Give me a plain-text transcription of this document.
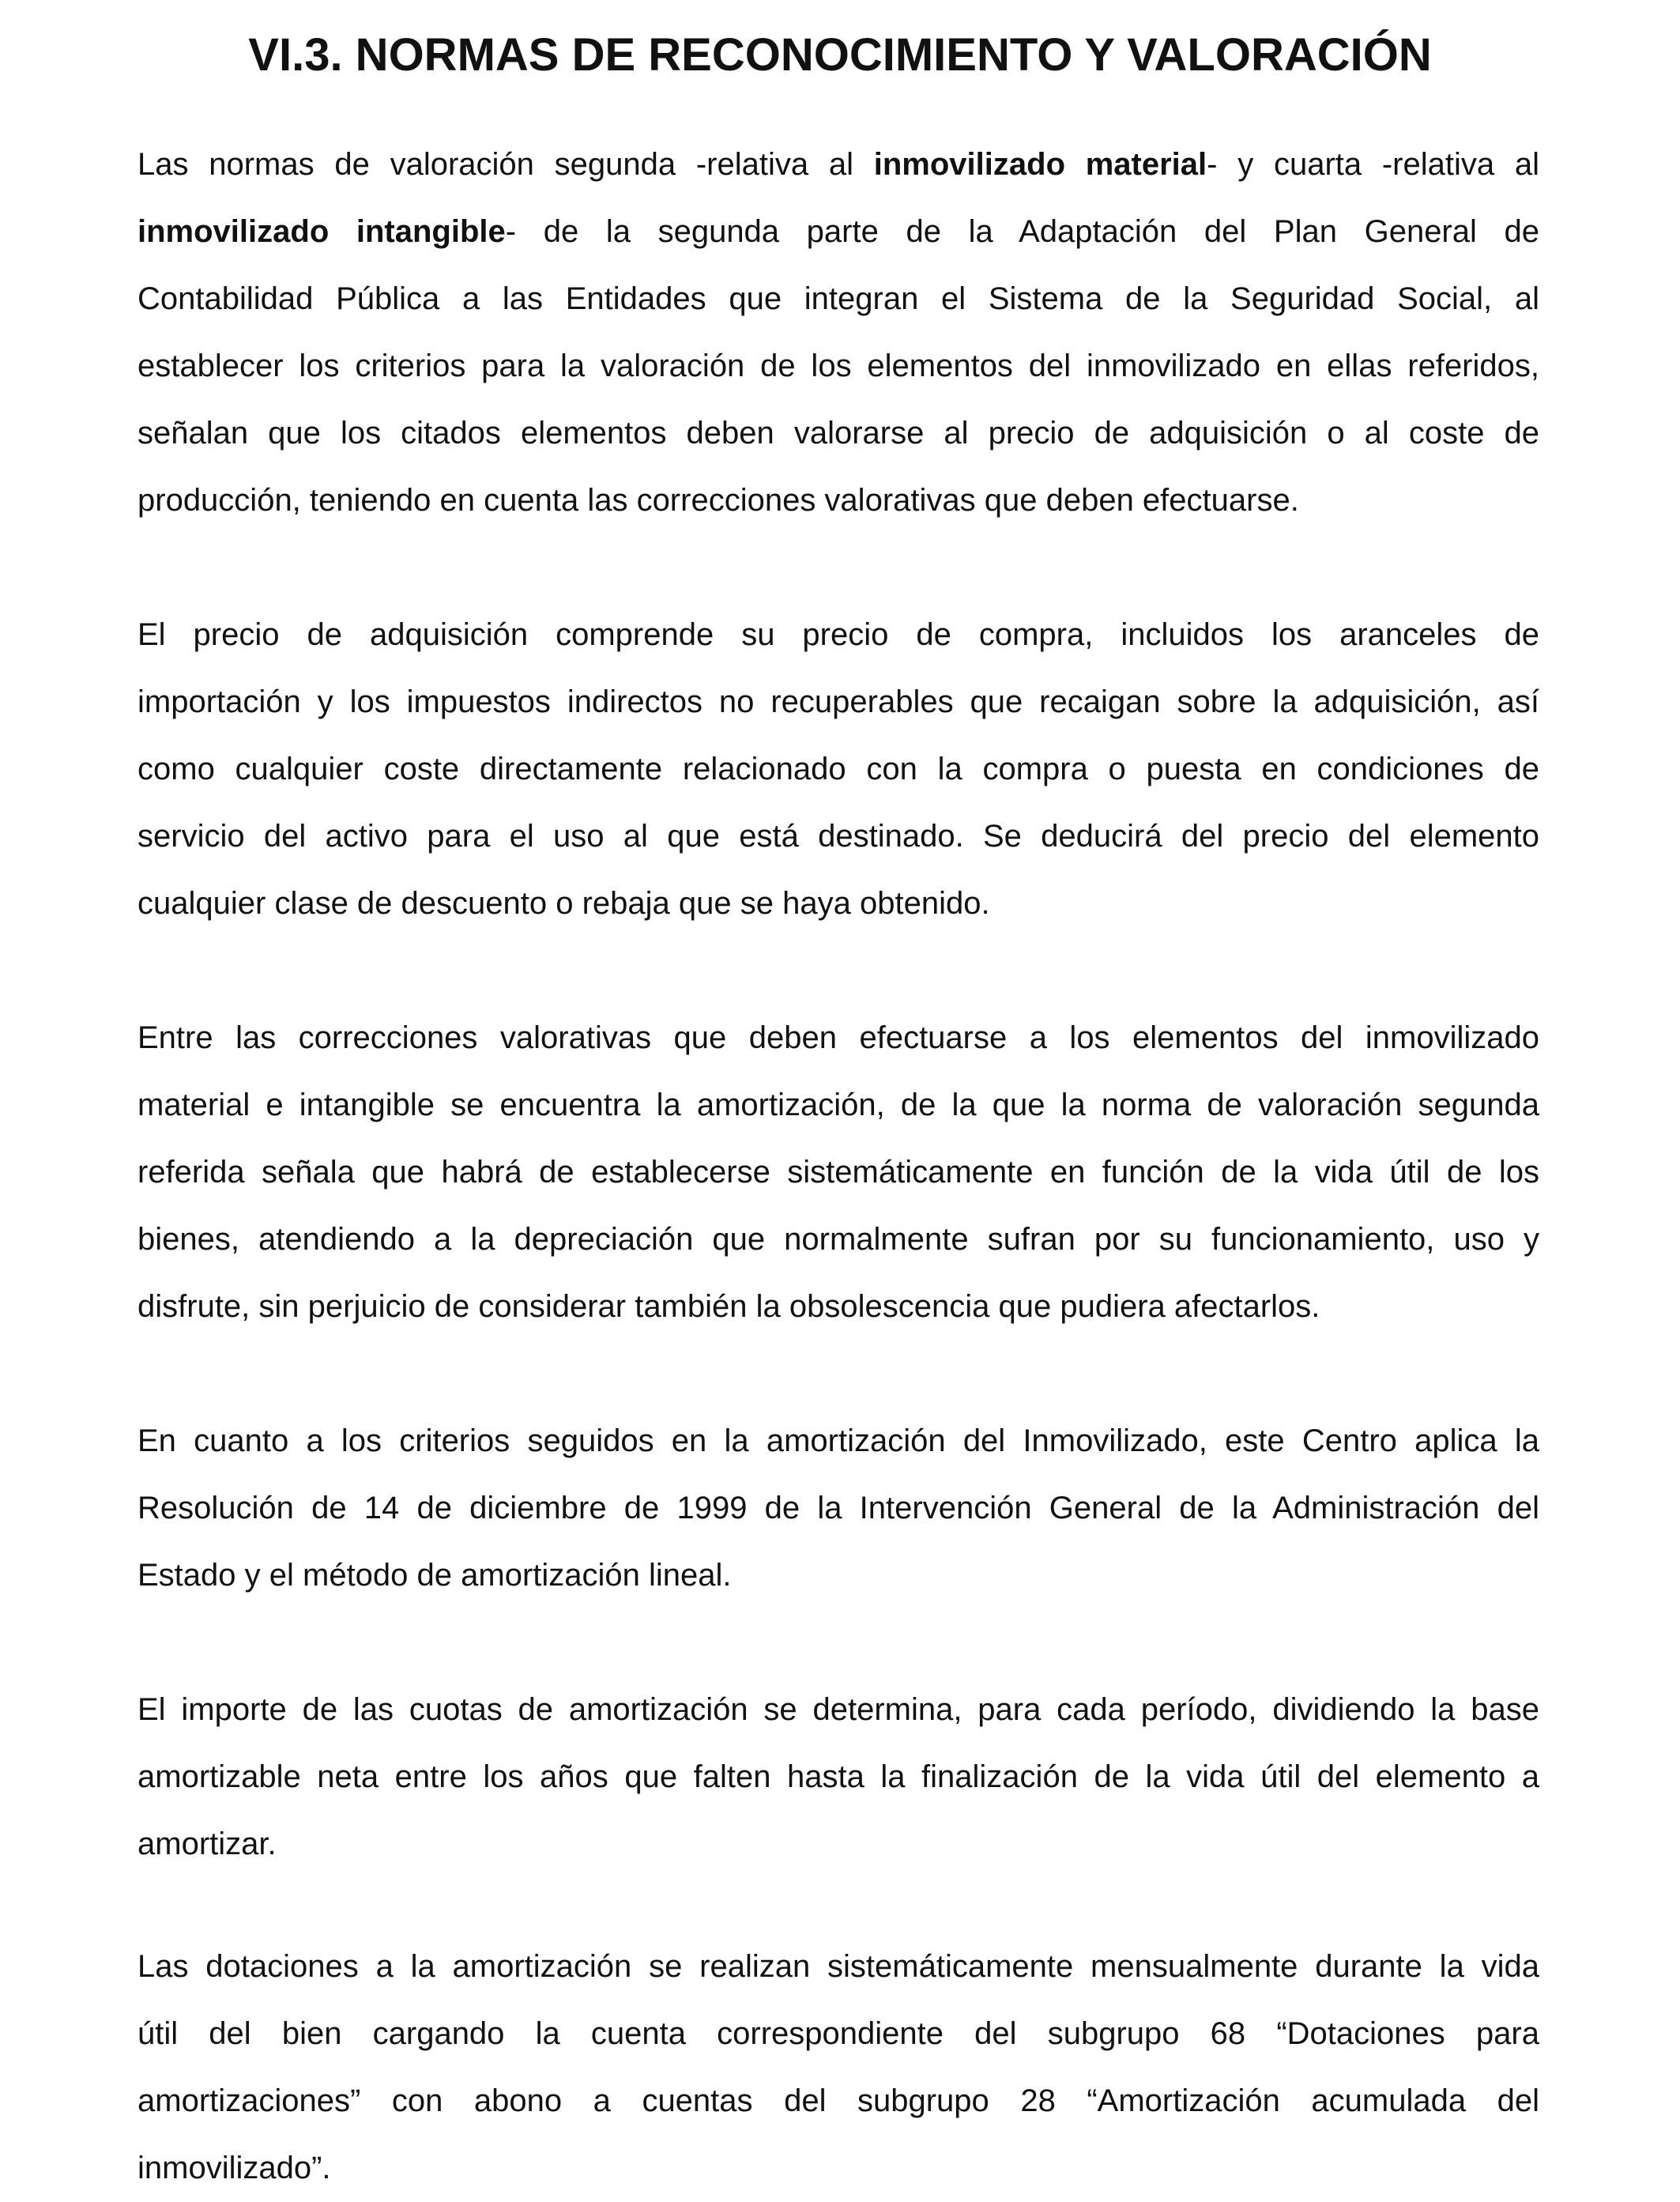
VI.3. NORMAS DE RECONOCIMIENTO Y VALORACIÓN
Las normas de valoración segunda -relativa al inmovilizado material- y cuarta -relativa al
inmovilizado intangible- de la segunda parte de la Adaptación del Plan General de
Contabilidad Pública a las Entidades que integran el Sistema de la Seguridad Social, al
establecer los criterios para la valoración de los elementos del inmovilizado en ellas referidos,
señalan que los citados elementos deben valorarse al precio de adquisición o al coste de
producción, teniendo en cuenta las correcciones valorativas que deben efectuarse.
El precio de adquisición comprende su precio de compra, incluidos los aranceles de
importación y los impuestos indirectos no recuperables que recaigan sobre la adquisición, así
como cualquier coste directamente relacionado con la compra o puesta en condiciones de
servicio del activo para el uso al que está destinado. Se deducirá del precio del elemento
cualquier clase de descuento o rebaja que se haya obtenido.
Entre las correcciones valorativas que deben efectuarse a los elementos del inmovilizado
material e intangible se encuentra la amortización, de la que la norma de valoración segunda
referida señala que habrá de establecerse sistemáticamente en función de la vida útil de los
bienes, atendiendo a la depreciación que normalmente sufran por su funcionamiento, uso y
disfrute, sin perjuicio de considerar también la obsolescencia que pudiera afectarlos.
En cuanto a los criterios seguidos en la amortización del Inmovilizado, este Centro aplica la
Resolución de 14 de diciembre de 1999 de la Intervención General de la Administración del
Estado y el método de amortización lineal.
El importe de las cuotas de amortización se determina, para cada período, dividiendo la base
amortizable neta entre los años que falten hasta la finalización de la vida útil del elemento a
amortizar.
Las dotaciones a la amortización se realizan sistemáticamente mensualmente durante la vida
útil del bien cargando la cuenta correspondiente del subgrupo 68 “Dotaciones para
amortizaciones” con abono a cuentas del subgrupo 28 “Amortización acumulada del
inmovilizado”.
